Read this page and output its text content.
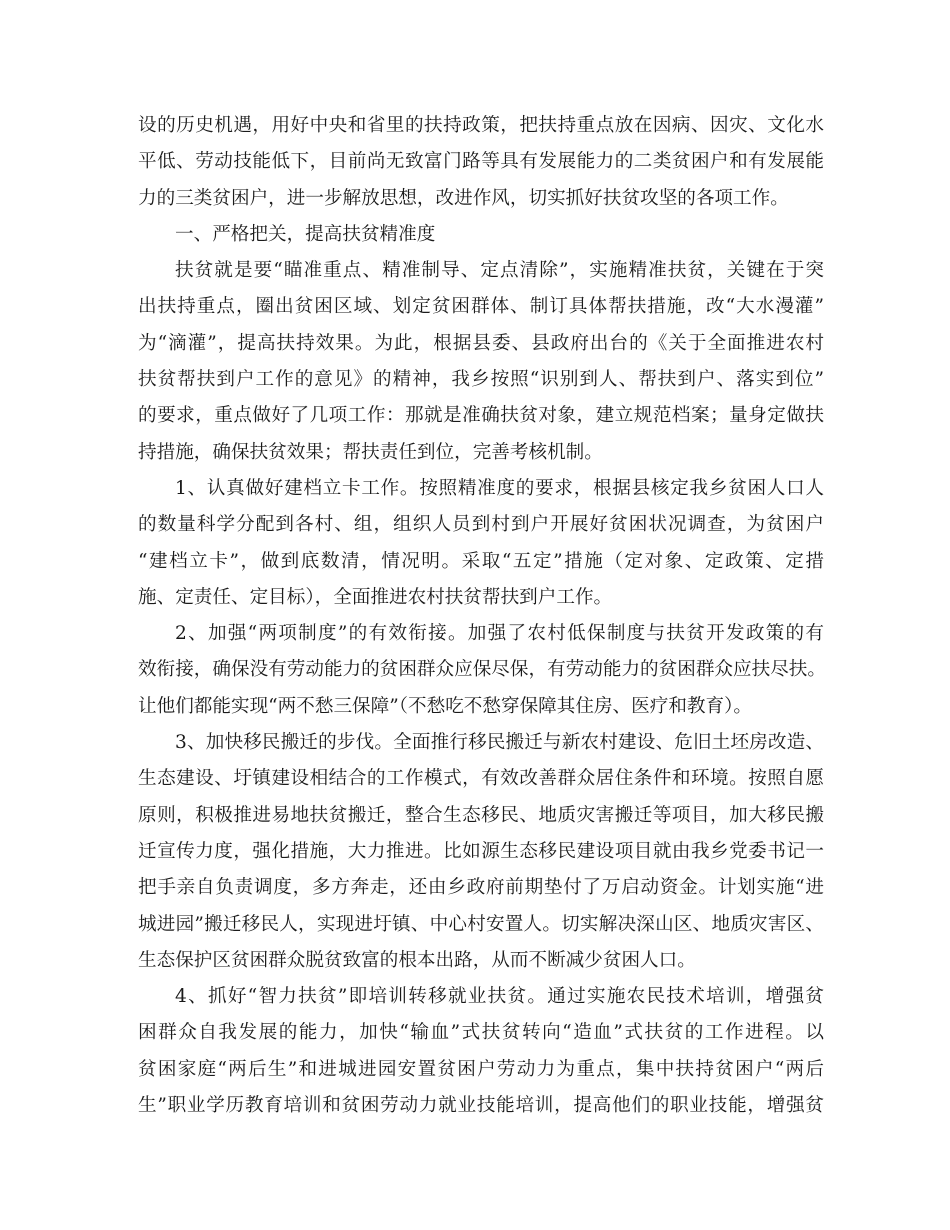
设的历史机遇，用好中央和省里的扶持政策，把扶持重点放在因病、因灾、文化水
平低、劳动技能低下，目前尚无致富门路等具有发展能力的二类贫困户和有发展能
力的三类贫困户，进一步解放思想，改进作风，切实抓好扶贫攻坚的各项工作。
一、严格把关，提高扶贫精准度
扶贫就是要“瞄准重点、精准制导、定点清除”，实施精准扶贫，关键在于突
出扶持重点，圈出贫困区域、划定贫困群体、制订具体帮扶措施，改“大水漫灌”
为“滴灌”，提高扶持效果。为此，根据县委、县政府出台的《关于全面推进农村
扶贫帮扶到户工作的意见》的精神，我乡按照“识别到人、帮扶到户、落实到位”
的要求，重点做好了几项工作：那就是准确扶贫对象，建立规范档案；量身定做扶
持措施，确保扶贫效果；帮扶责任到位，完善考核机制。
1、认真做好建档立卡工作。按照精准度的要求，根据县核定我乡贫困人口人
的数量科学分配到各村、组，组织人员到村到户开展好贫困状况调查，为贫困户
“建档立卡”，做到底数清，情况明。采取“五定”措施（定对象、定政策、定措
施、定责任、定目标），全面推进农村扶贫帮扶到户工作。
2、加强“两项制度”的有效衔接。加强了农村低保制度与扶贫开发政策的有
效衔接，确保没有劳动能力的贫困群众应保尽保，有劳动能力的贫困群众应扶尽扶。
让他们都能实现“两不愁三保障”（不愁吃不愁穿保障其住房、医疗和教育）。
3、加快移民搬迁的步伐。全面推行移民搬迁与新农村建设、危旧土坯房改造、
生态建设、圩镇建设相结合的工作模式，有效改善群众居住条件和环境。按照自愿
原则，积极推进易地扶贫搬迁，整合生态移民、地质灾害搬迁等项目，加大移民搬
迁宣传力度，强化措施，大力推进。比如源生态移民建设项目就由我乡党委书记一
把手亲自负责调度，多方奔走，还由乡政府前期垫付了万启动资金。计划实施“进
城进园”搬迁移民人，实现进圩镇、中心村安置人。切实解决深山区、地质灾害区、
生态保护区贫困群众脱贫致富的根本出路，从而不断减少贫困人口。
4、抓好“智力扶贫”即培训转移就业扶贫。通过实施农民技术培训，增强贫
困群众自我发展的能力，加快“输血”式扶贫转向“造血”式扶贫的工作进程。以
贫困家庭“两后生”和进城进园安置贫困户劳动力为重点，集中扶持贫困户“两后
生”职业学历教育培训和贫困劳动力就业技能培训，提高他们的职业技能，增强贫
